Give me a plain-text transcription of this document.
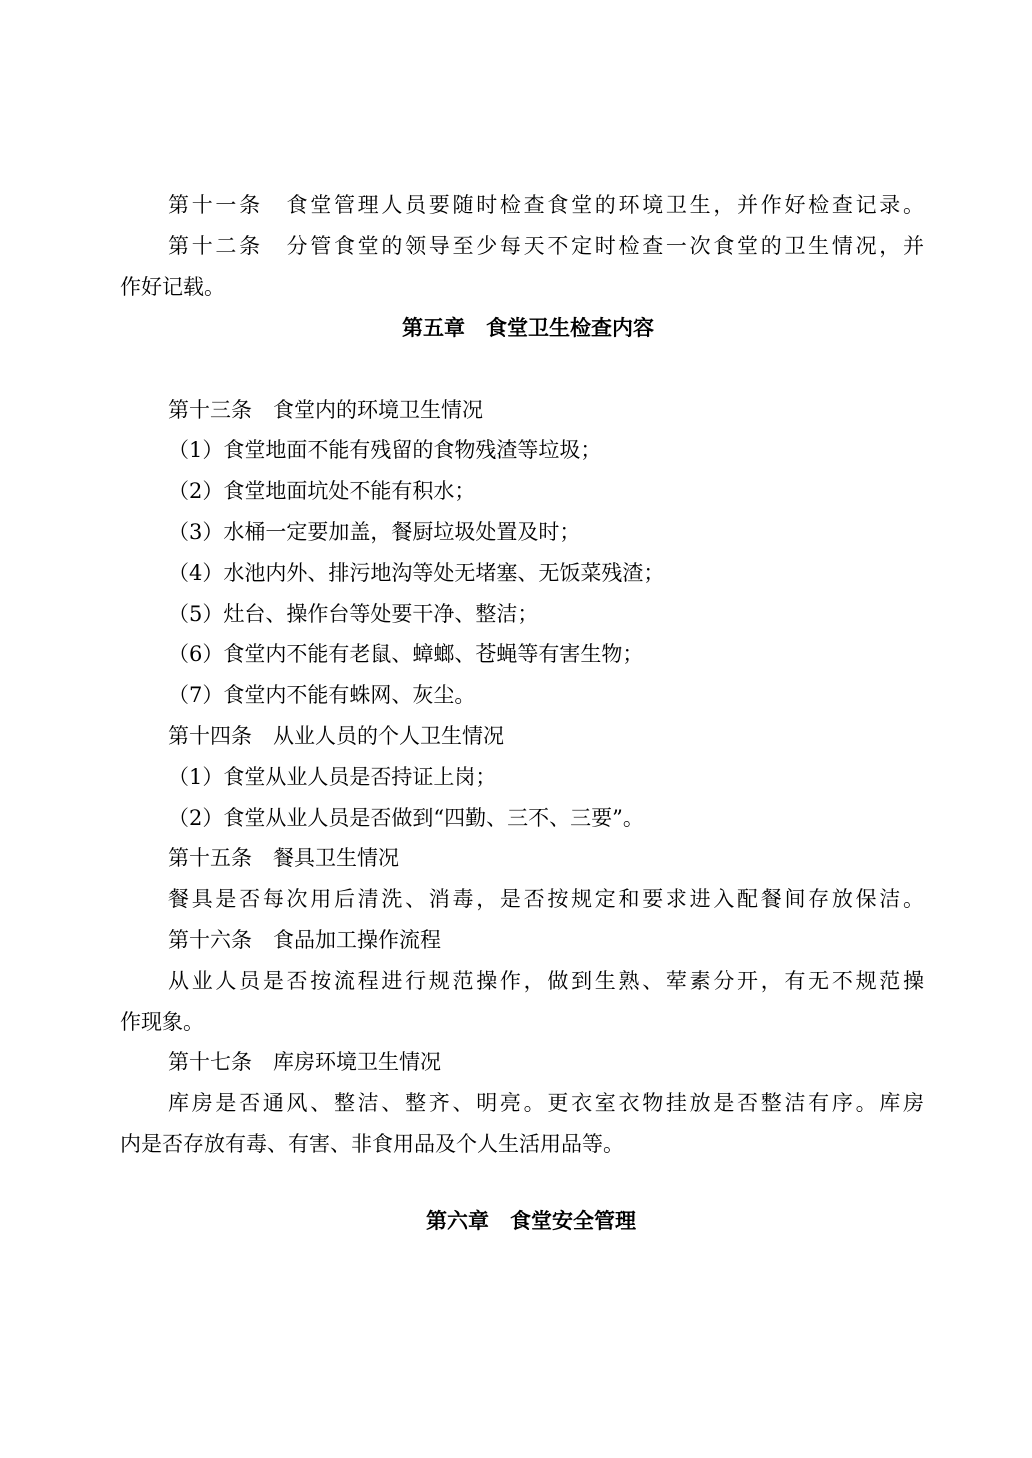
第十一条　食堂管理人员要随时检查食堂的环境卫生，并作好检查记录。
第十二条　分管食堂的领导至少每天不定时检查一次食堂的卫生情况，并
作好记载。
第五章　食堂卫生检查内容
第十三条　食堂内的环境卫生情况
（1）食堂地面不能有残留的食物残渣等垃圾；
（2）食堂地面坑处不能有积水；
（3）水桶一定要加盖，餐厨垃圾处置及时；
（4）水池内外、排污地沟等处无堵塞、无饭菜残渣；
（5）灶台、操作台等处要干净、整洁；
（6）食堂内不能有老鼠、蟑螂、苍蝇等有害生物；
（7）食堂内不能有蛛网、灰尘。
第十四条　从业人员的个人卫生情况
（1）食堂从业人员是否持证上岗；
（2）食堂从业人员是否做到“四勤、三不、三要”。
第十五条　餐具卫生情况
餐具是否每次用后清洗、消毒，是否按规定和要求进入配餐间存放保洁。
第十六条　食品加工操作流程
从业人员是否按流程进行规范操作，做到生熟、荤素分开，有无不规范操
作现象。
第十七条　库房环境卫生情况
库房是否通风、整洁、整齐、明亮。更衣室衣物挂放是否整洁有序。库房
内是否存放有毒、有害、非食用品及个人生活用品等。
第六章　食堂安全管理
